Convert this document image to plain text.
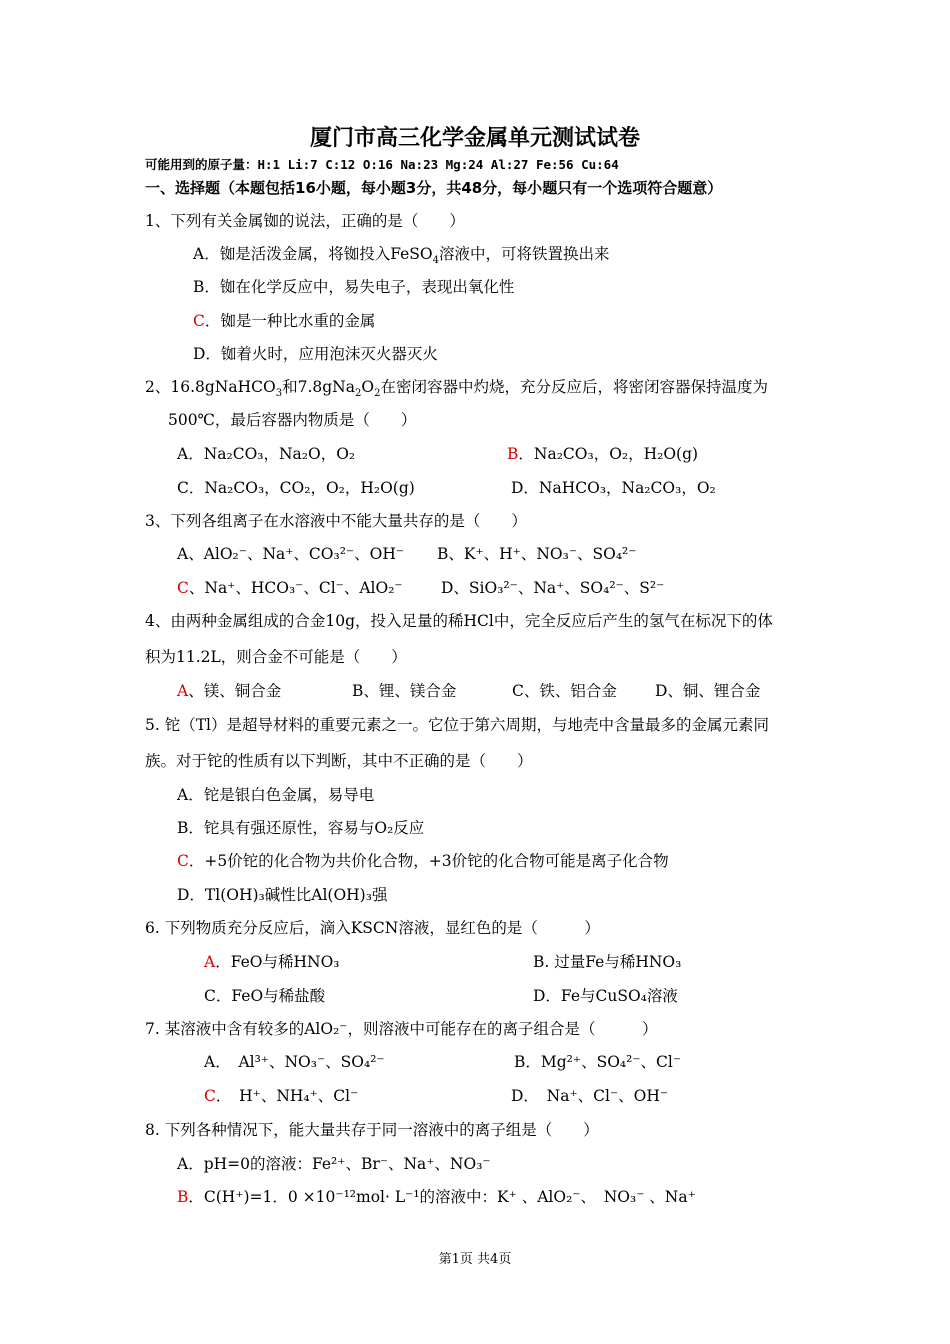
厦门市高三化学金属单元测试试卷
可能用到的原子量：H:1 Li:7 C:12 O:16 Na:23 Mg:24 Al:27 Fe:56 Cu:64
一、选择题（本题包括16小题，每小题3分，共48分，每小题只有一个选项符合题意）
1、下列有关金属铷的说法，正确的是（　　）
A．铷是活泼金属，将铷投入FeSO$_4$溶液中，可将铁置换出来
B．铷在化学反应中，易失电子，表现出氧化性
C．铷是一种比水重的金属
D．铷着火时，应用泡沫灭火器灭火
2、16.8gNaHCO$_3$和$7.8gNa_2O_2$在密闭容器中灼烧，充分反应后，将密闭容器保持温度为
500℃，最后容器内物质是（　　）
A．Na₂CO₃，Na₂O，O₂	B．Na₂CO₃，O₂，H₂O(g)
C．Na₂CO₃，CO₂，O₂，H₂O(g)	D．NaHCO₃，Na₂CO₃，O₂
3、下列各组离子在水溶液中不能大量共存的是（　　）
A、AlO₂⁻、Na⁺、CO₃²⁻、OH⁻ B、K⁺、H⁺、NO₃⁻、SO₄²⁻
C、Na⁺、HCO₃⁻、Cl⁻、AlO₂⁻ D、SiO₃²⁻、Na⁺、SO₄²⁻、S²⁻
4、由两种金属组成的合金10g，投入足量的稀HCl中，完全反应后产生的氢气在标况下的体
积为11.2L，则合金不可能是（　　）
A、镁、铜合金	B、锂、镁合金	C、铁、铝合金 D、铜、锂合金
5. 铊（Tl）是超导材料的重要元素之一。它位于第六周期，与地壳中含量最多的金属元素同
族。对于铊的性质有以下判断，其中不正确的是（　　）
A．铊是银白色金属，易导电
B．铊具有强还原性，容易与O₂反应
C．+5价铊的化合物为共价化合物，+3价铊的化合物可能是离子化合物
D．Tl(OH)₃碱性比Al(OH)₃强
6. 下列物质充分反应后，滴入KSCN溶液，显红色的是（　　　）
A．FeO与稀HNO₃	B. 过量Fe与稀HNO₃
C．FeO与稀盐酸	D．Fe与CuSO₄溶液
7. 某溶液中含有较多的AlO₂⁻，则溶液中可能存在的离子组合是（　　　）
A．　Al³⁺、NO₃⁻、SO₄²⁻	B．Mg²⁺、SO₄²⁻、Cl⁻
C．　H⁺、NH₄⁺、Cl⁻	D．　Na⁺、Cl⁻、OH⁻
8. 下列各种情况下，能大量共存于同一溶液中的离子组是（　　）
A．pH=0的溶液：Fe²⁺、Br⁻、Na⁺、NO₃⁻
B．C(H⁺)=1．0 ×10⁻¹²mol· L⁻¹的溶液中：K⁺ 、AlO₂⁻、　NO₃⁻ 、Na⁺
第1页 共4页
